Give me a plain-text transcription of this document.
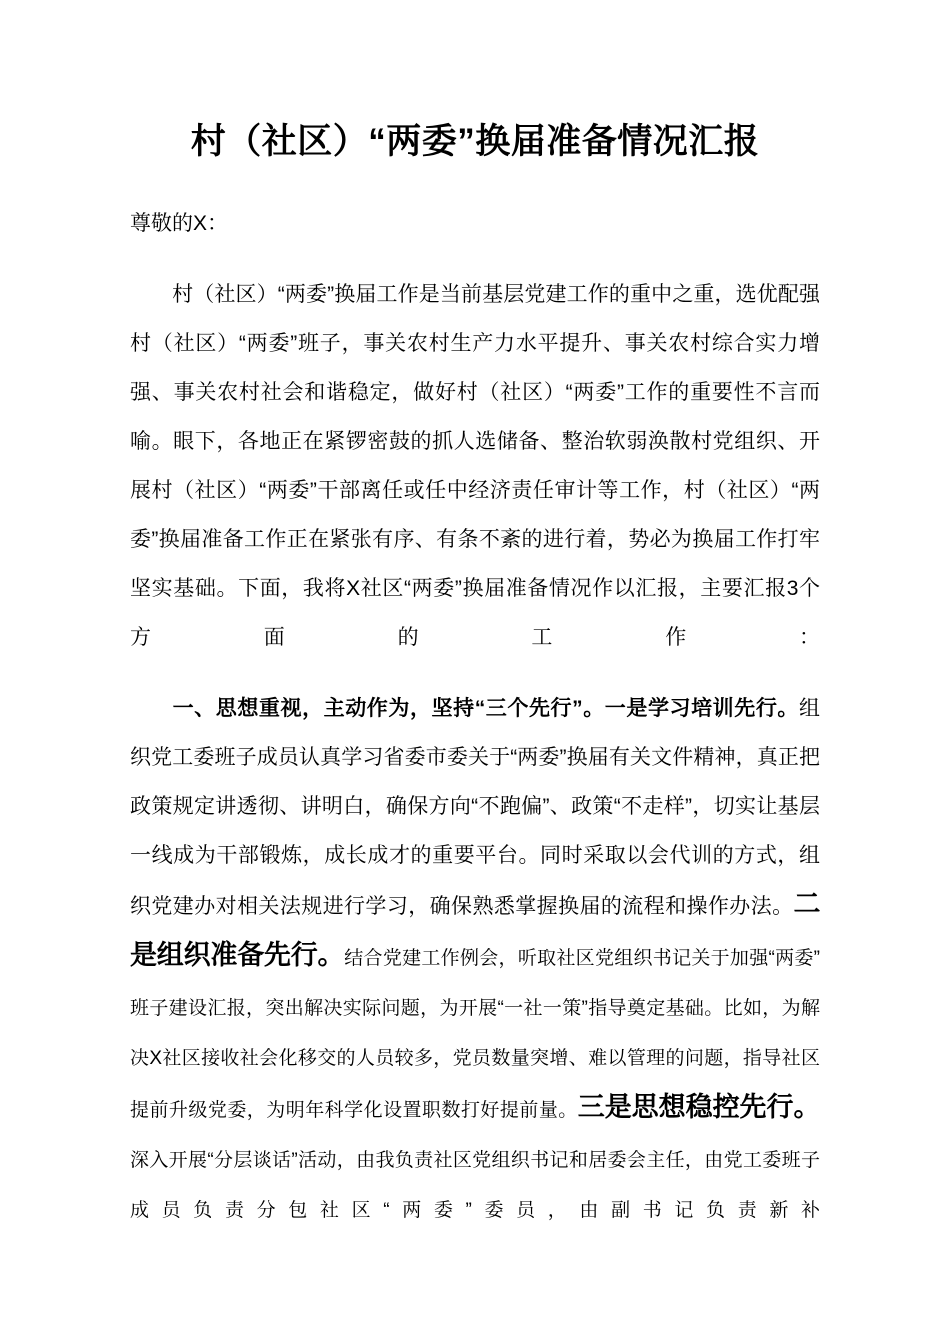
村（社区）“两委”换届准备情况汇报

尊敬的X：

村（社区）“两委”换届工作是当前基层党建工作的重中之重，选优配强村（社区）“两委”班子，事关农村生产力水平提升、事关农村综合实力增强、事关农村社会和谐稳定，做好村（社区）“两委”工作的重要性不言而喻。眼下，各地正在紧锣密鼓的抓人选储备、整治软弱涣散村党组织、开展村（社区）“两委”干部离任或任中经济责任审计等工作，村（社区）“两委”换届准备工作正在紧张有序、有条不紊的进行着，势必为换届工作打牢坚实基础。下面，我将X社区“两委”换届准备情况作以汇报，主要汇报3个方面的工作：

一、思想重视，主动作为，坚持“三个先行”。一是学习培训先行。组织党工委班子成员认真学习省委市委关于“两委”换届有关文件精神，真正把政策规定讲透彻、讲明白，确保方向“不跑偏”、政策“不走样”，切实让基层一线成为干部锻炼，成长成才的重要平台。同时采取以会代训的方式，组织党建办对相关法规进行学习，确保熟悉掌握换届的流程和操作办法。二是组织准备先行。结合党建工作例会，听取社区党组织书记关于加强“两委”班子建设汇报，突出解决实际问题，为开展“一社一策”指导奠定基础。比如，为解决X社区接收社会化移交的人员较多，党员数量突增、难以管理的问题，指导社区提前升级党委，为明年科学化设置职数打好提前量。三是思想稳控先行。深入开展“分层谈话”活动，由我负责社区党组织书记和居委会主任，由党工委班子成员负责分包社区“两委”委员，由副书记负责新补
